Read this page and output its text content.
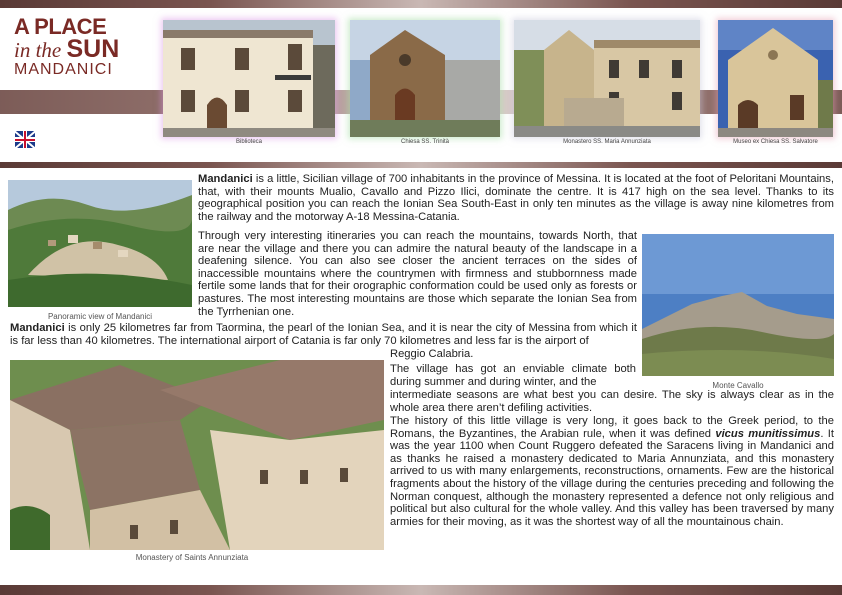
A PLACE
in the SUN
MANDANICI
Biblioteca	Chiesa SS. Trinità	Monastero SS. Maria Annunziata	Museo ex Chiesa SS. Salvatore
Panoramic view of Mandanici
Monte Cavallo
Monastery of Saints Annunziata
Mandanici is a little, Sicilian village of 700 inhabitants in the province of Messina. It is located at the foot of Peloritani Mountains, that, with their mounts Mualio, Cavallo and Pizzo Ilici, dominate the centre. It is 417 high on the sea level. Thanks to its geographical position you can reach the Ionian Sea South-East in only ten minutes as the village is away nine kilometres from the railway and the motorway A-18 Messina-Catania.
Through very interesting itineraries you can reach the mountains, towards North, that are near the village and there you can admire the natural beauty of the landscape in a deafening silence. You can also see closer the ancient terraces on the sides of inaccessible mountains where the countrymen with firmness and stubbornness made fertile some lands that for their orographic conformation could be used only as forests or pastures. The most interesting mountains are those which separate the Ionian Sea from the Tyrrhenian one.
Mandanici is only 25 kilometres far from Taormina, the pearl of the Ionian Sea, and it is near the city of Messina from which it is far less than 40 kilometres. The international airport of Catania is far only 70 kilometres and less far is the airport of
Reggio Calabria.
The village has got an enviable climate both during summer and during winter, and the
intermediate seasons are what best you can desire. The sky is always clear as in the whole area there aren’t defiling activities.
The history of this little village is very long, it goes back to the Greek period, to the Romans, the Byzantines, the Arabian rule, when it was defined vicus munitissimus. It was the year 1100 when Count Ruggero defeated the Saracens living in Mandanici and as thanks he raised a monastery dedicated to Maria Annunziata, and this monastery arrived to us with many enlargements, reconstructions, ornaments. Few are the historical fragments about the history of the village during the centuries preceding and following the Norman conquest, although the monastery represented a defence not only religious and political but also cultural for the whole valley. And this valley has been traversed by many armies for their moving, as it was the shortest way of all the mountainous chain.
